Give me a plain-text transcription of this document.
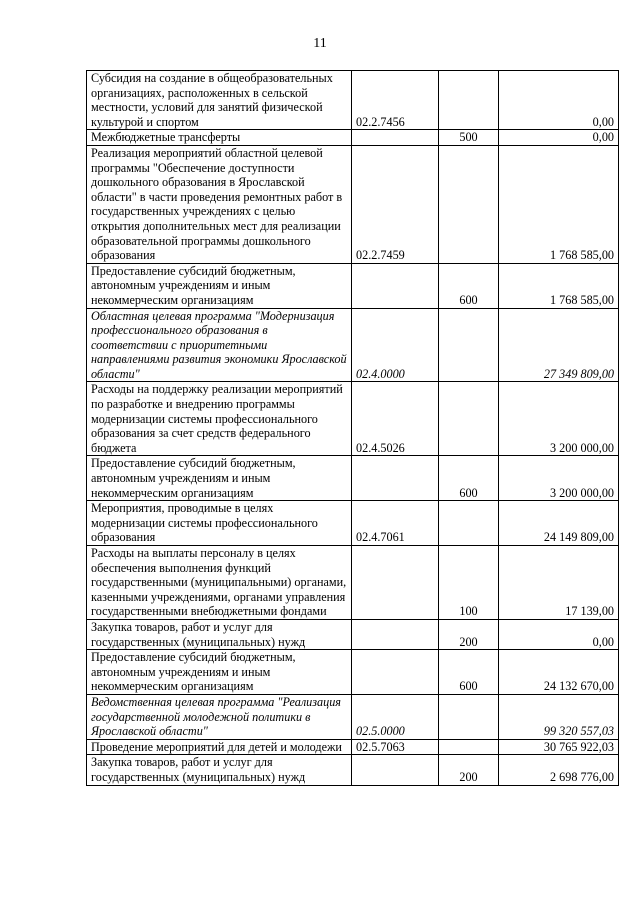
11
Субсидия на создание в общеобразовательных организациях, расположенных в сельской местности, условий для занятий физической культурой и спортом	02.2.7456		0,00
Межбюджетные трансферты		500	0,00
Реализация мероприятий областной целевой программы "Обеспечение доступности дошкольного образования в Ярославской области" в части проведения ремонтных работ в государственных учреждениях с целью открытия дополнительных мест для реализации образовательной программы дошкольного образования	02.2.7459		1 768 585,00
Предоставление субсидий бюджетным, автономным учреждениям и иным некоммерческим организациям		600	1 768 585,00
Областная целевая программа "Модернизация профессионального образования в соответствии с приоритетными направлениями развития экономики Ярославской области"	02.4.0000		27 349 809,00
Расходы на поддержку реализации мероприятий по разработке и внедрению программы модернизации системы профессионального образования за счет средств федерального бюджета	02.4.5026		3 200 000,00
Предоставление субсидий бюджетным, автономным учреждениям и иным некоммерческим организациям		600	3 200 000,00
Мероприятия, проводимые в целях модернизации системы профессионального образования	02.4.7061		24 149 809,00
Расходы на выплаты персоналу в целях обеспечения выполнения функций государственными (муниципальными) органами, казенными учреждениями, органами управления государственными внебюджетными фондами		100	17 139,00
Закупка товаров, работ и услуг для государственных (муниципальных) нужд		200	0,00
Предоставление субсидий бюджетным, автономным учреждениям и иным некоммерческим организациям		600	24 132 670,00
Ведомственная целевая программа "Реализация государственной молодежной политики в Ярославской области"	02.5.0000		99 320 557,03
Проведение мероприятий для детей и молодежи	02.5.7063		30 765 922,03
Закупка товаров, работ и услуг для государственных (муниципальных) нужд		200	2 698 776,00
